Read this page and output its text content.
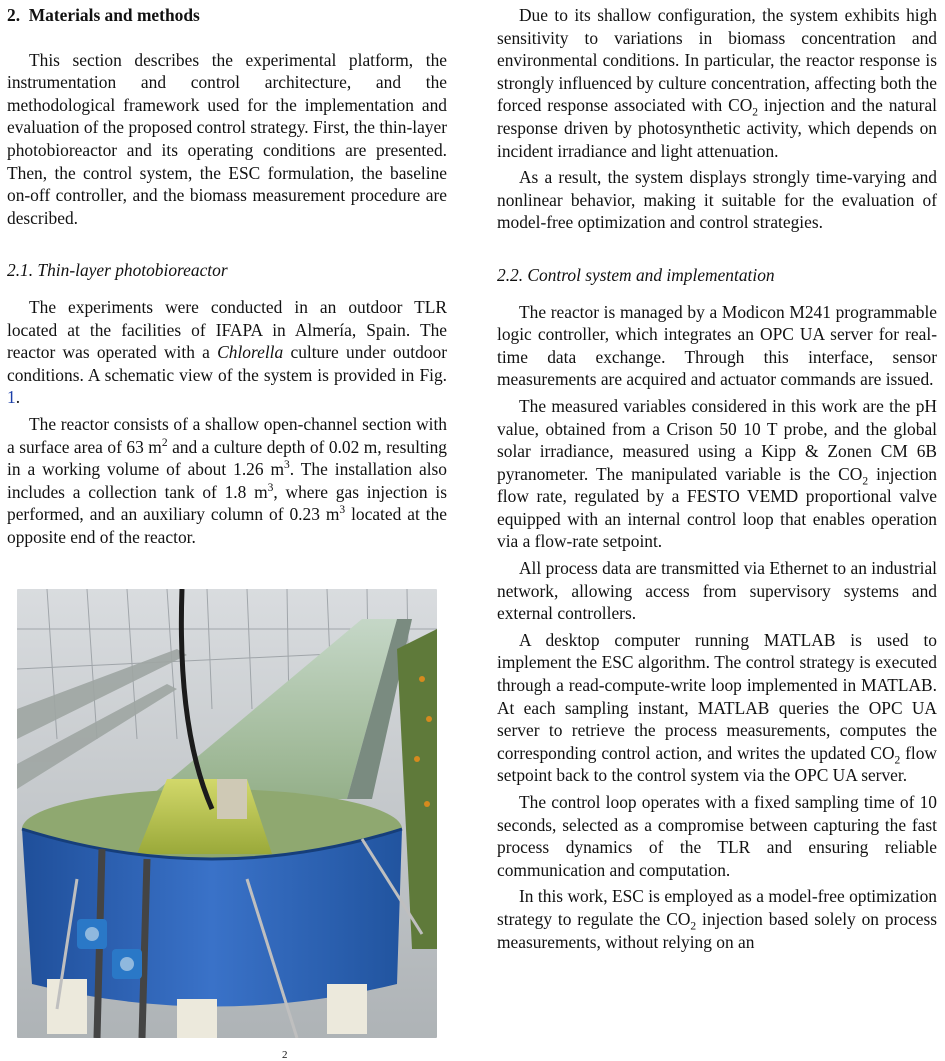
2. Materials and methods

This section describes the experimental platform, the instrumentation and control architecture, and the methodological framework used for the implementation and evaluation of the proposed control strategy. First, the thin-layer photobioreactor and its operating conditions are presented. Then, the control system, the ESC formulation, the baseline on-off controller, and the biomass measurement procedure are described.

2.1. Thin-layer photobioreactor

The experiments were conducted in an outdoor TLR located at the facilities of IFAPA in Almería, Spain. The reactor was operated with a Chlorella culture under outdoor conditions. A schematic view of the system is provided in Fig. 1.

The reactor consists of a shallow open-channel section with a surface area of 63 $m^2$ and a culture depth of 0.02 m, resulting in a working volume of about 1.26 $m^3$. The installation also includes a collection tank of 1.8 $m^3$, where gas injection is performed, and an auxiliary column of 0.23 $m^3$ located at the opposite end of the reactor.

2

Due to its shallow configuration, the system exhibits high sensitivity to variations in biomass concentration and environmental conditions. In particular, the reactor response is strongly influenced by culture concentration, affecting both the forced response associated with $CO_2$ injection and the natural response driven by photosynthetic activity, which depends on incident irradiance and light attenuation.

As a result, the system displays strongly time-varying and nonlinear behavior, making it suitable for the evaluation of model-free optimization and control strategies.

2.2. Control system and implementation

The reactor is managed by a Modicon M241 programmable logic controller, which integrates an OPC UA server for real-time data exchange. Through this interface, sensor measurements are acquired and actuator commands are issued.

The measured variables considered in this work are the pH value, obtained from a Crison 50 10 T probe, and the global solar irradiance, measured using a Kipp & Zonen CM 6B pyranometer. The manipulated variable is the $CO_2$ injection flow rate, regulated by a FESTO VEMD proportional valve equipped with an internal control loop that enables operation via a flow-rate setpoint.

All process data are transmitted via Ethernet to an industrial network, allowing access from supervisory systems and external controllers.

A desktop computer running MATLAB is used to implement the ESC algorithm. The control strategy is executed through a read-compute-write loop implemented in MATLAB. At each sampling instant, MATLAB queries the OPC UA server to retrieve the process measurements, computes the corresponding control action, and writes the updated $CO_2$ flow setpoint back to the control system via the OPC UA server.

The control loop operates with a fixed sampling time of 10 seconds, selected as a compromise between capturing the fast process dynamics of the TLR and ensuring reliable communication and computation.

In this work, ESC is employed as a model-free optimization strategy to regulate the $CO_2$ injection based solely on process measurements, without relying on an
